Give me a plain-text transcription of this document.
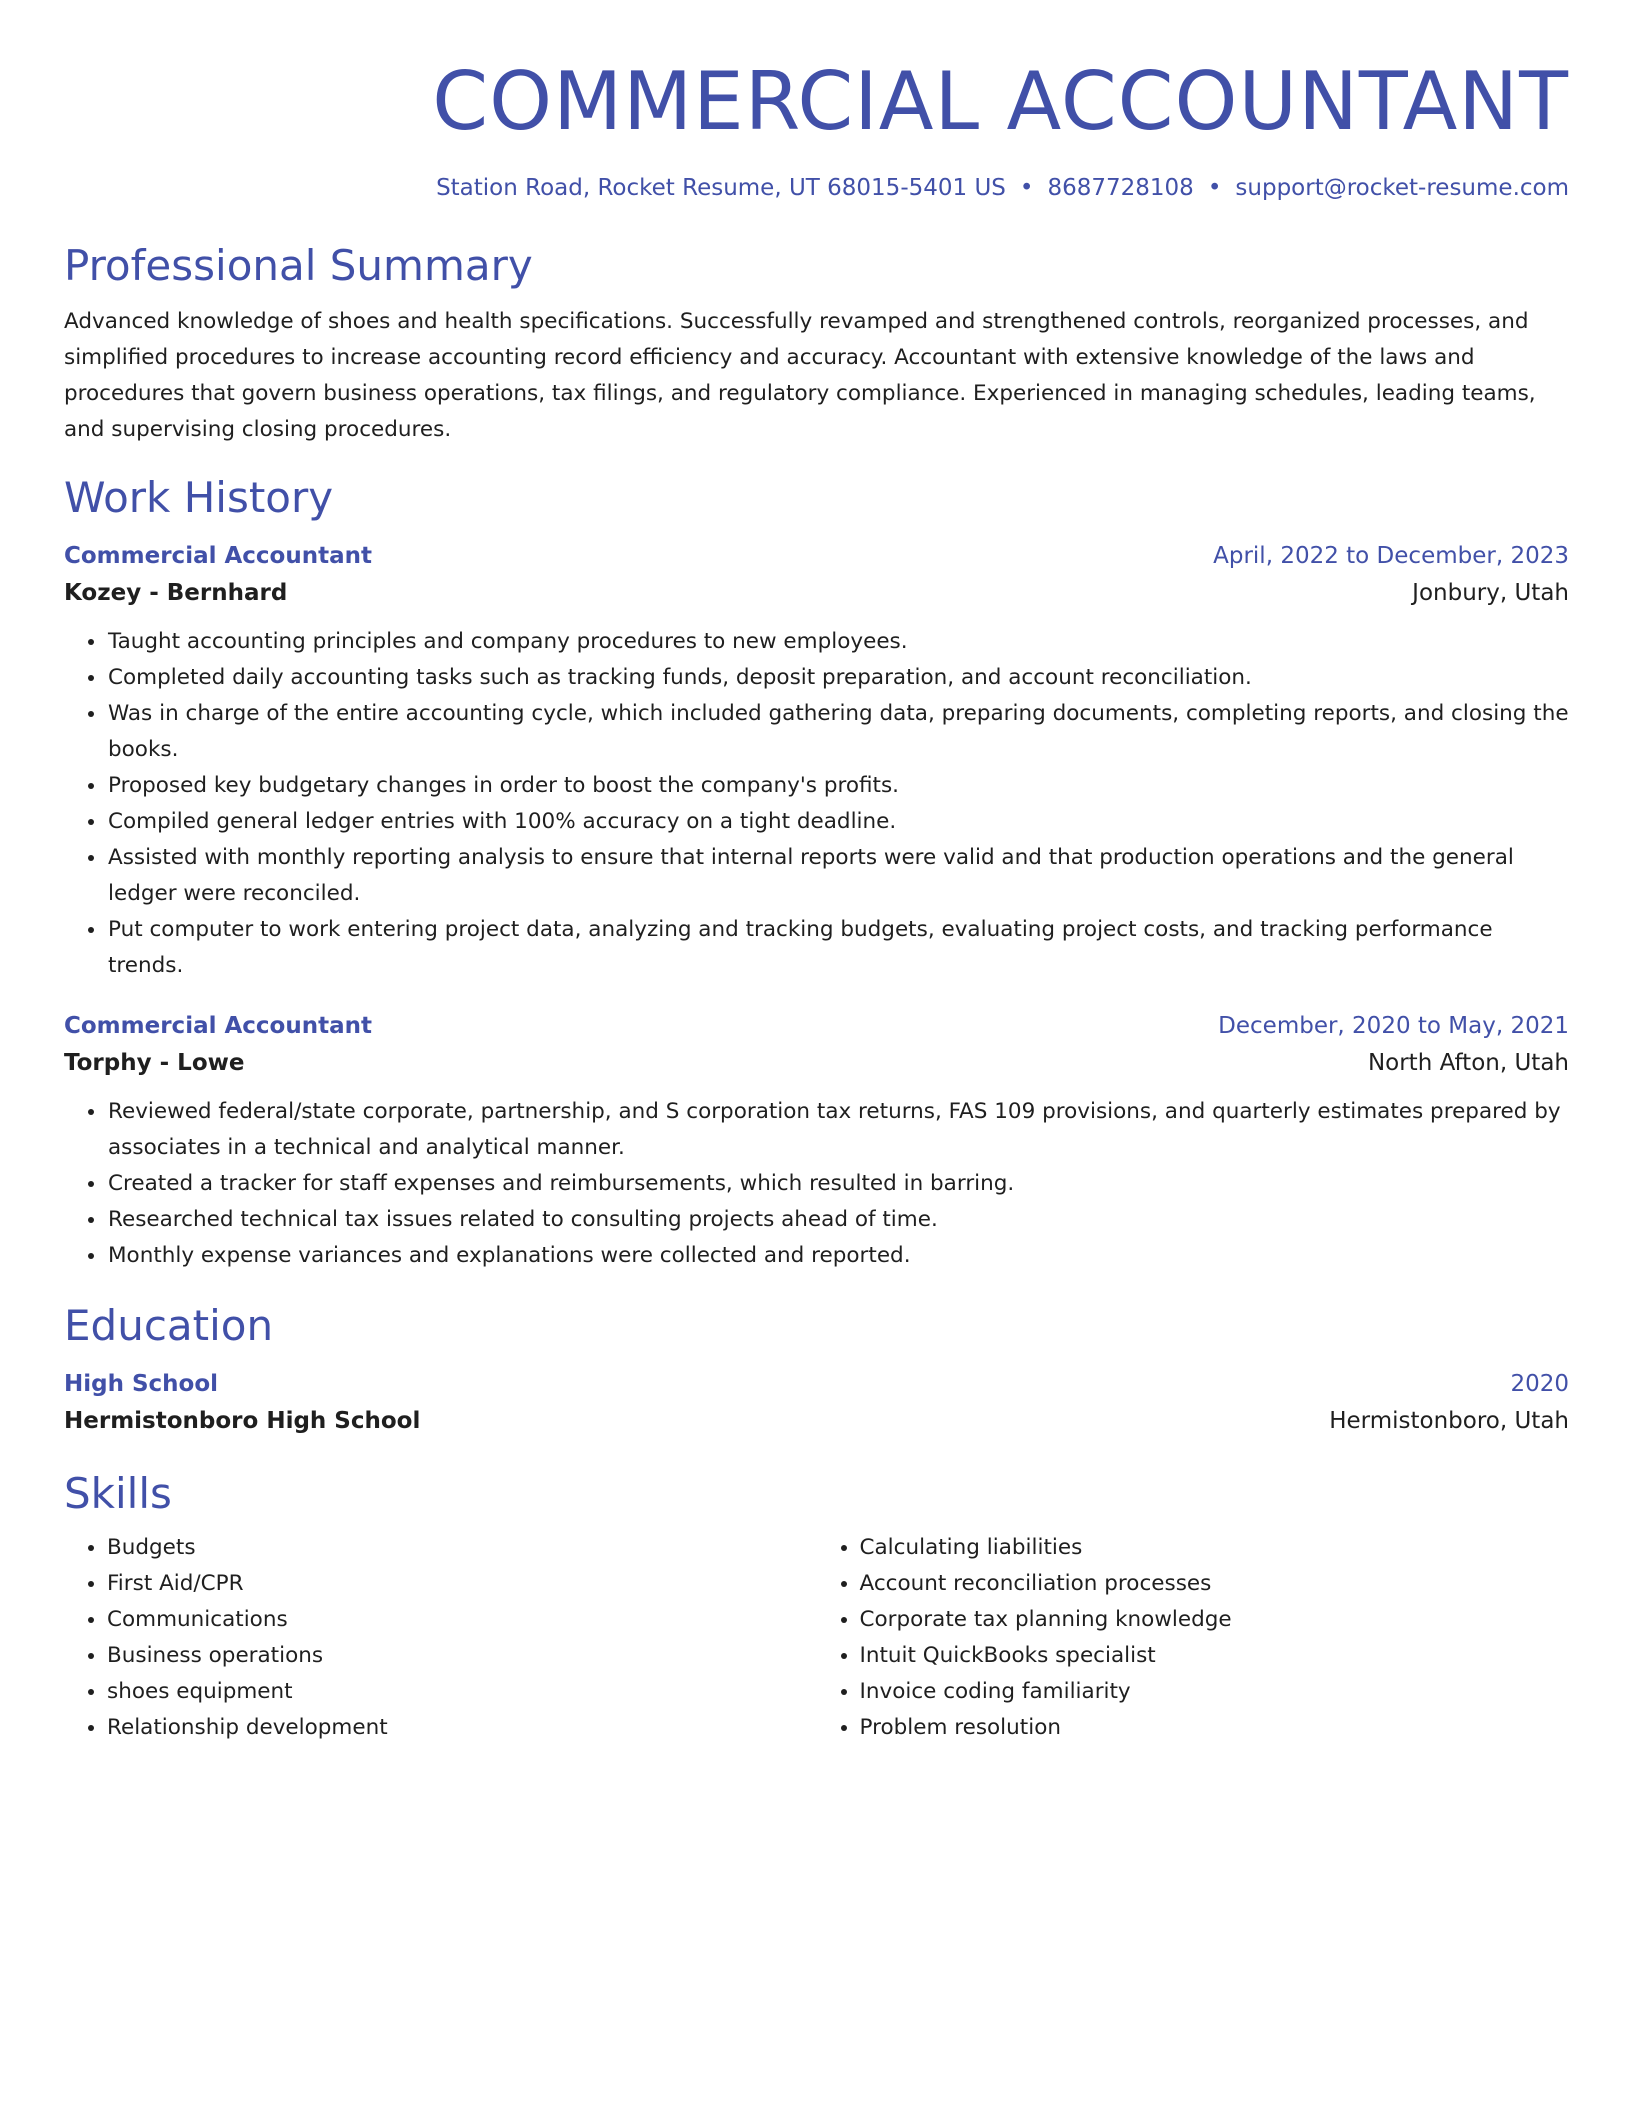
COMMERCIAL ACCOUNTANT
Station Road, Rocket Resume, UT 68015-5401 US • 8687728108 • support@rocket-resume.com
Professional Summary

Advanced knowledge of shoes and health specifications. Successfully revamped and strengthened controls, reorganized processes, and simplified procedures to increase accounting record efficiency and accuracy. Accountant with extensive knowledge of the laws and procedures that govern business operations, tax filings, and regulatory compliance. Experienced in managing schedules, leading teams, and supervising closing procedures.

Work History
Commercial Accountant	April, 2022 to December, 2023
Kozey - Bernhard	Jonbury, Utah
• Taught accounting principles and company procedures to new employees.
• Completed daily accounting tasks such as tracking funds, deposit preparation, and account reconciliation.
• Was in charge of the entire accounting cycle, which included gathering data, preparing documents, completing reports, and closing the books.
• Proposed key budgetary changes in order to boost the company's profits.
• Compiled general ledger entries with 100% accuracy on a tight deadline.
• Assisted with monthly reporting analysis to ensure that internal reports were valid and that production operations and the general ledger were reconciled.
• Put computer to work entering project data, analyzing and tracking budgets, evaluating project costs, and tracking performance trends.
Commercial Accountant	December, 2020 to May, 2021
Torphy - Lowe	North Afton, Utah
• Reviewed federal/state corporate, partnership, and S corporation tax returns, FAS 109 provisions, and quarterly estimates prepared by associates in a technical and analytical manner.
• Created a tracker for staff expenses and reimbursements, which resulted in barring.
• Researched technical tax issues related to consulting projects ahead of time.
• Monthly expense variances and explanations were collected and reported.
Education
High School	2020
Hermistonboro High School	Hermistonboro, Utah
Skills
• Budgets
• First Aid/CPR
• Communications
• Business operations
• shoes equipment
• Relationship development
• Calculating liabilities
• Account reconciliation processes
• Corporate tax planning knowledge
• Intuit QuickBooks specialist
• Invoice coding familiarity
• Problem resolution
